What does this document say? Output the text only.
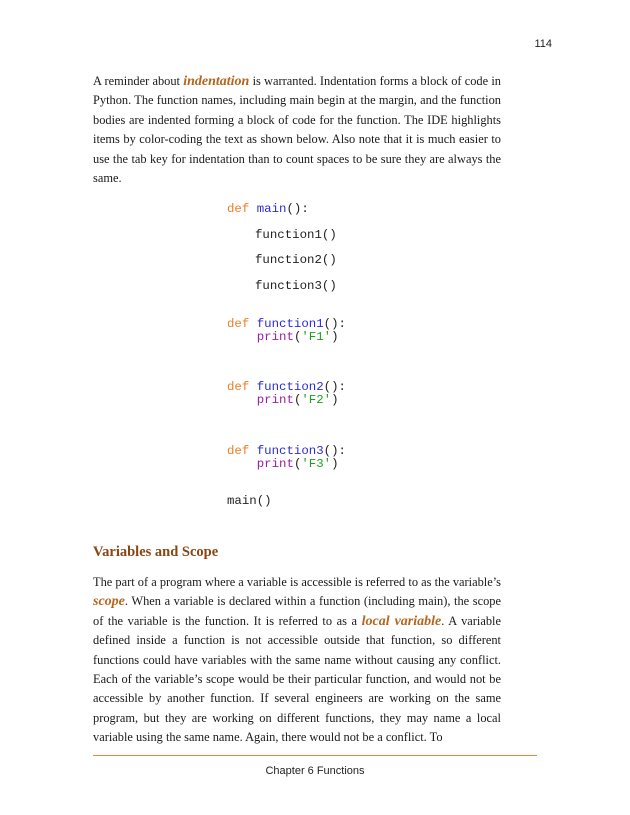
114

A reminder about indentation is warranted. Indentation forms a block of code in Python. The function names, including main begin at the margin, and the function bodies are indented forming a block of code for the function. The IDE highlights items by color-coding the text as shown below. Also note that it is much easier to use the tab key for indentation than to count spaces to be sure they are always the same.

def main():
function1()
function2()
function3()
def function1():
print('F1')
def function2():
print('F2')
def function3():
print('F3')
main()
Variables and Scope

The part of a program where a variable is accessible is referred to as the variable’s scope. When a variable is declared within a function (including main), the scope of the variable is the function. It is referred to as a local variable. A variable defined inside a function is not accessible outside that function, so different functions could have variables with the same name without causing any conflict. Each of the variable’s scope would be their particular function, and would not be accessible by another function. If several engineers are working on the same program, but they are working on different functions, they may name a local variable using the same name. Again, there would not be a conflict. To

Chapter 6 Functions
